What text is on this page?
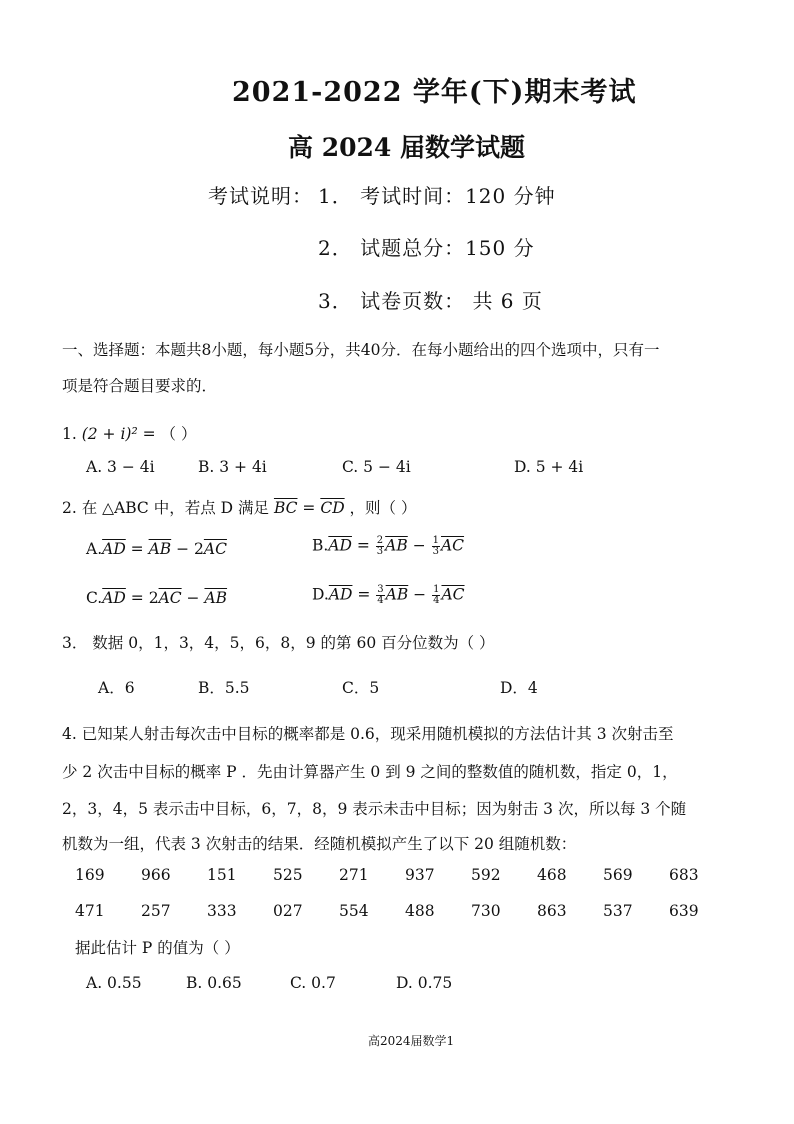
2021-2022 学年(下)期末考试
高 2024 届数学试题
考试说明： 1． 考试时间：120 分钟
2． 试题总分：150 分
3． 试卷页数： 共 6 页
一、选择题：本题共8小题，每小题5分，共40分．在每小题给出的四个选项中，只有一
项是符合题目要求的．
1. (2 + i)² = （ ）
A. 3 − 4i	B. 3 + 4i	C. 5 − 4i	D. 5 + 4i
2. 在 △ABC 中，若点 D 满足 $\overline{BC} = \overline{CD}$ ，则（ ）
$A.\overline{AD} = \overline{AB} - 2\overline{AC}$	$B.\overline{AD} = \frac{2}{3} \overline{AB} - \frac{1}{3} \overline{AC}$
$C.\overline{AD} = 2\overline{AC} - \overline{AB}$	$D.\overline{AD} = \frac{3}{4} \overline{AB} - \frac{1}{4} \overline{AC}$
3． 数据 0，1，3，4，5，6，8，9 的第 60 百分位数为（ ）
A．6	B．5.5	C．5	D．4
4. 已知某人射击每次击中目标的概率都是 0.6，现采用随机模拟的方法估计其 3 次射击至
少 2 次击中目标的概率 P ．先由计算器产生 0 到 9 之间的整数值的随机数，指定 0，1，
2，3，4，5 表示击中目标，6，7，8，9 表示未击中目标；因为射击 3 次，所以每 3 个随
机数为一组，代表 3 次射击的结果．经随机模拟产生了以下 20 组随机数：
169 966 151 525 271 937 592 468 569 683
471 257 333 027 554 488 730 863 537 639
据此估计 P 的值为（ ）
A. 0.55	B. 0.65	C. 0.7	D. 0.75
高2024届数学1
